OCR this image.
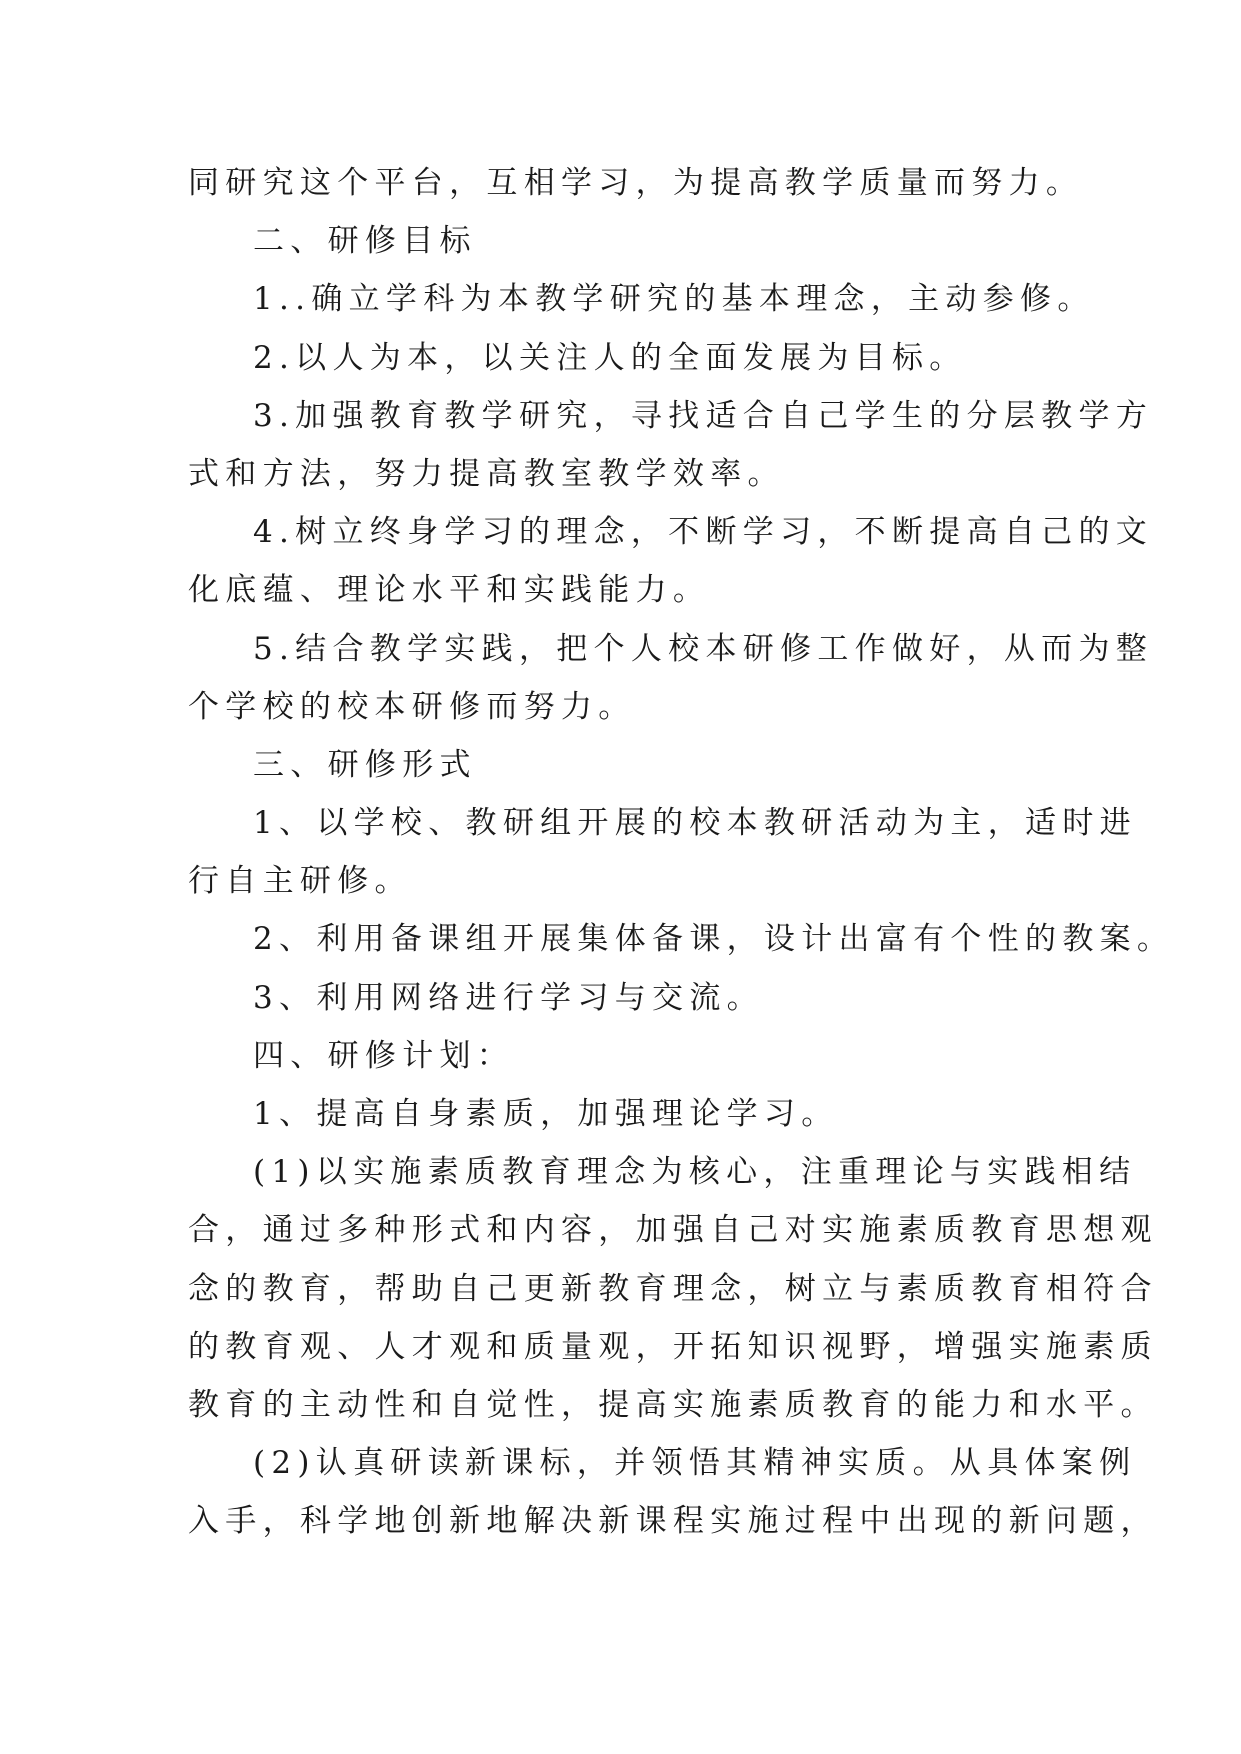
同研究这个平台，互相学习，为提高教学质量而努力。
二、研修目标
1..确立学科为本教学研究的基本理念，主动参修。
2.以人为本，以关注人的全面发展为目标。
3.加强教育教学研究，寻找适合自己学生的分层教学方
式和方法，努力提高教室教学效率。
4.树立终身学习的理念，不断学习，不断提高自己的文
化底蕴、理论水平和实践能力。
5.结合教学实践，把个人校本研修工作做好，从而为整
个学校的校本研修而努力。
三、研修形式
1、以学校、教研组开展的校本教研活动为主，适时进
行自主研修。
2、利用备课组开展集体备课，设计出富有个性的教案。
3、利用网络进行学习与交流。
四、研修计划：
1、提高自身素质，加强理论学习。
(1)以实施素质教育理念为核心，注重理论与实践相结
合，通过多种形式和内容，加强自己对实施素质教育思想观
念的教育，帮助自己更新教育理念，树立与素质教育相符合
的教育观、人才观和质量观，开拓知识视野，增强实施素质
教育的主动性和自觉性，提高实施素质教育的能力和水平。
(2)认真研读新课标，并领悟其精神实质。从具体案例
入手，科学地创新地解决新课程实施过程中出现的新问题，
